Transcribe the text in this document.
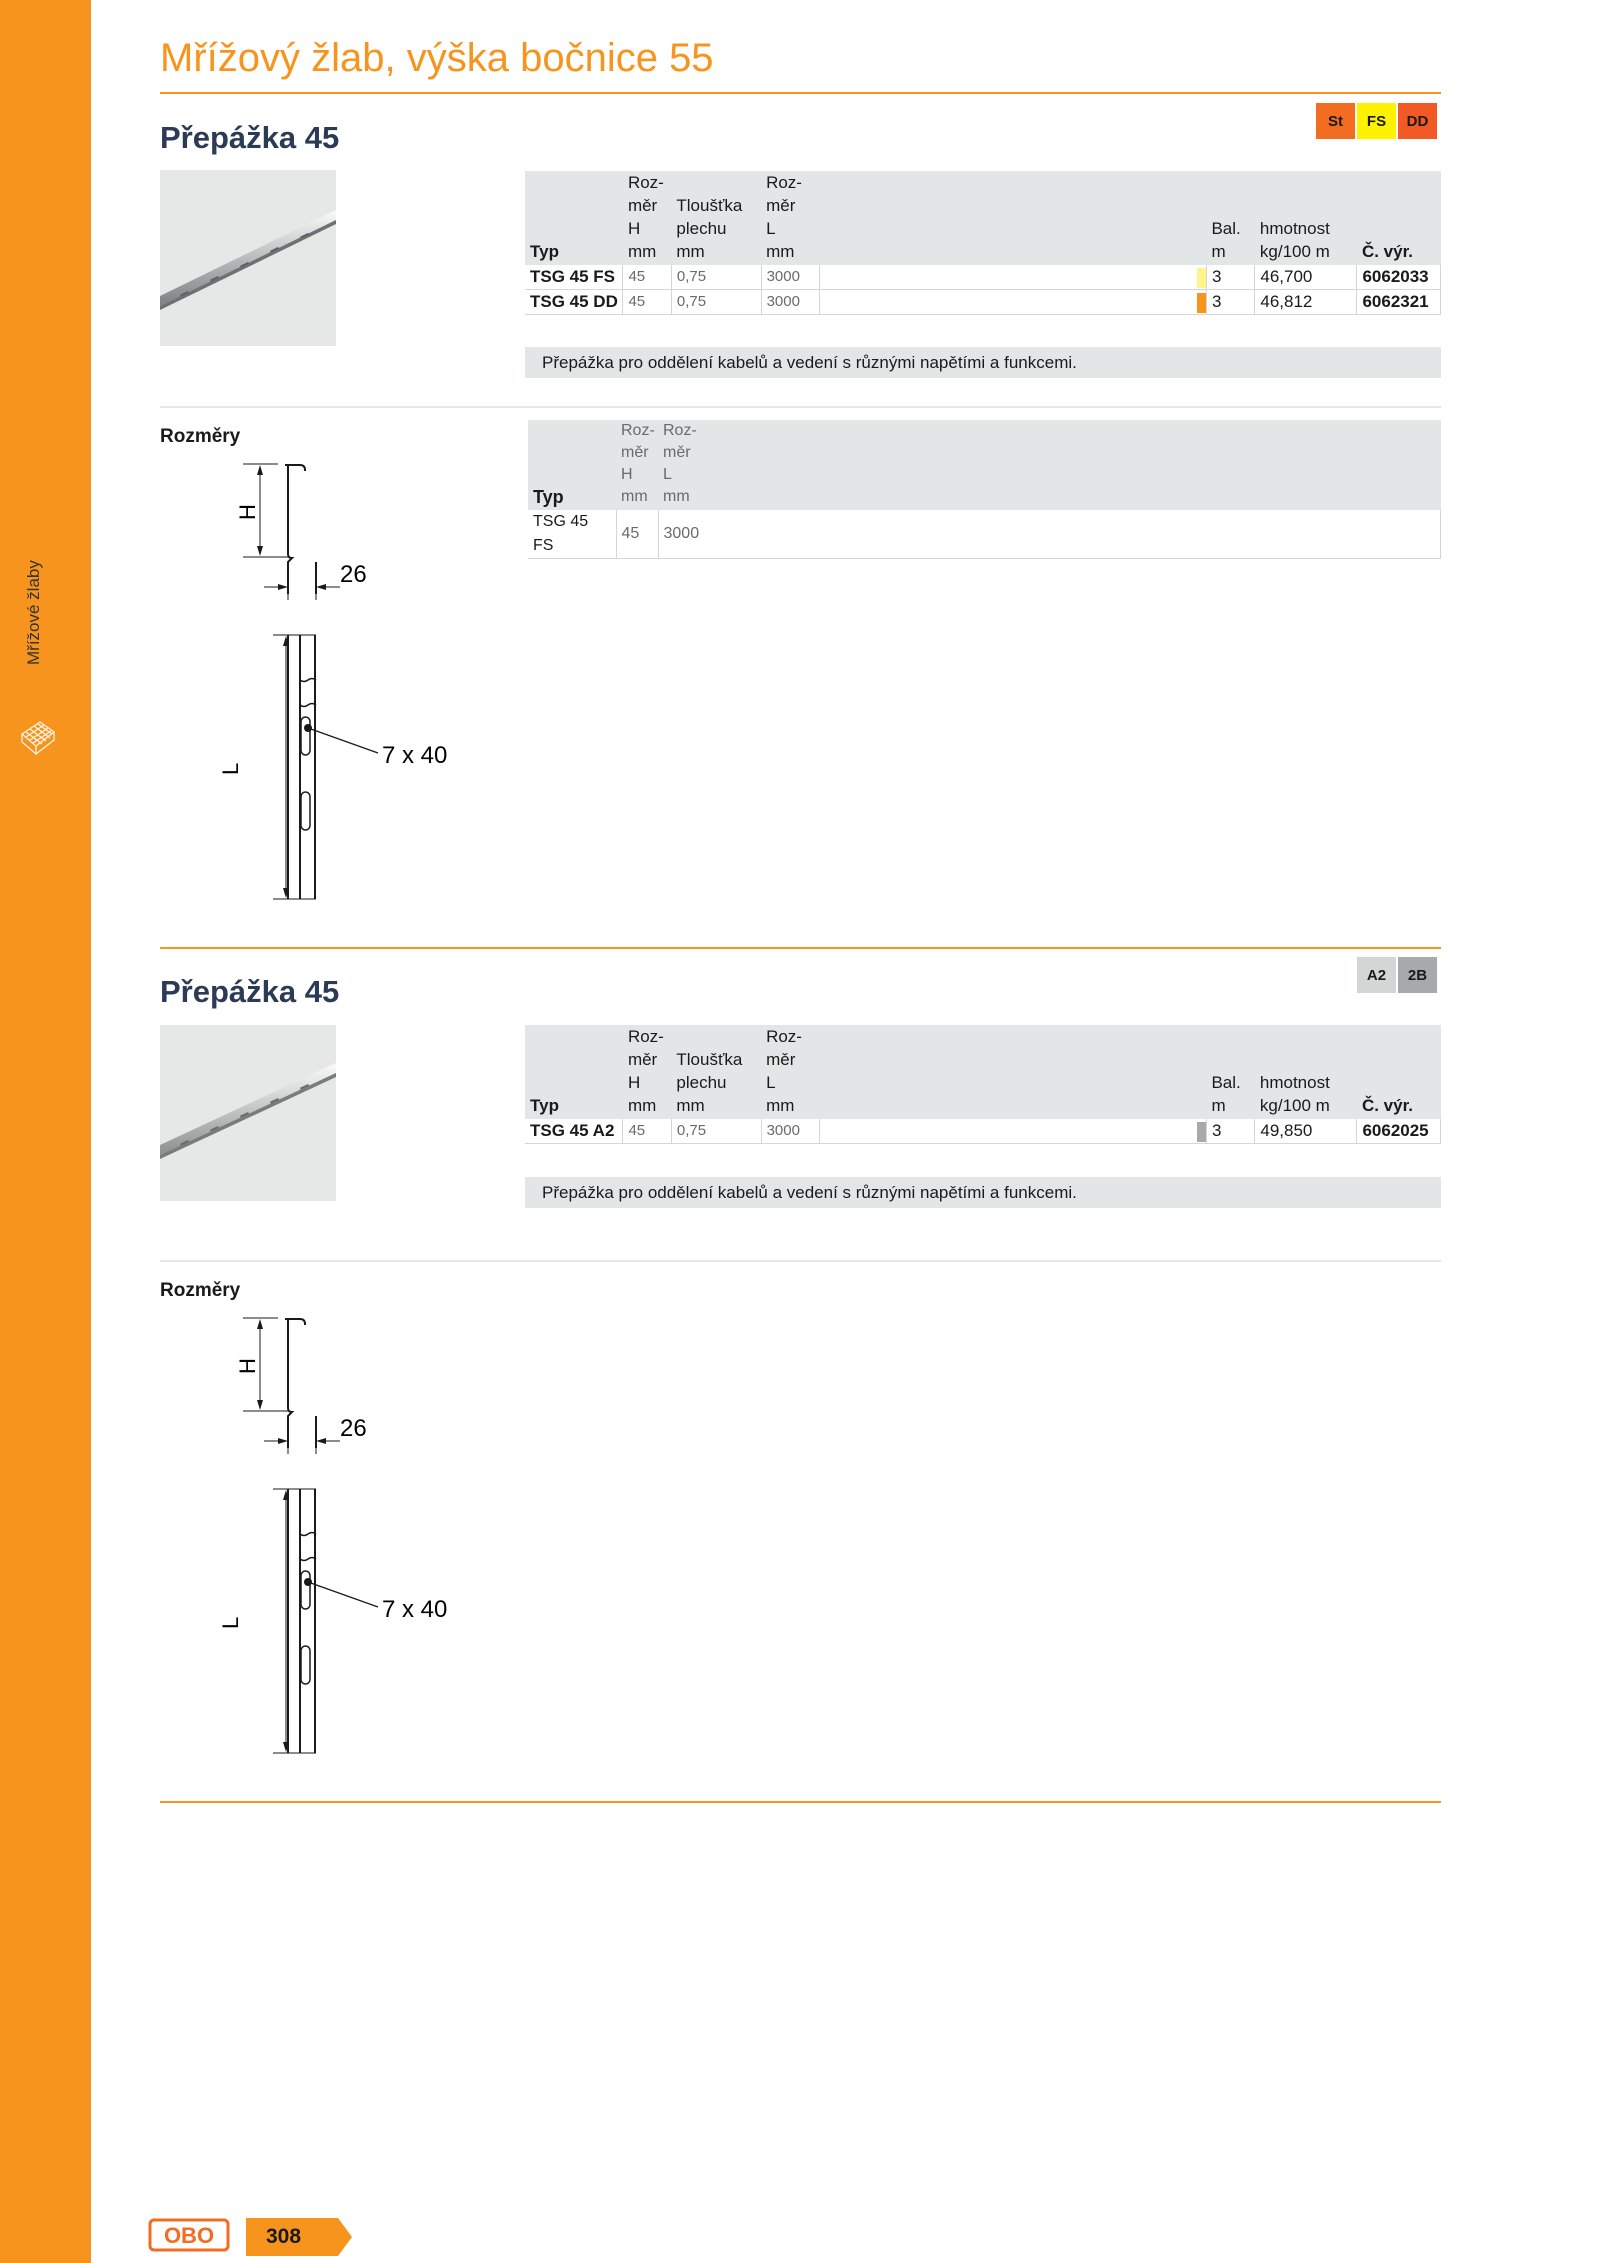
Mřížové žlaby
Mřížový žlab, výška bočnice 55
Přepážka 45	St FS DD
Typ	Roz-
měr
H
mm	Tloušťka
plechu
mm	Roz-
měr
L
mm		Bal.
m	hmotnost
kg/100 m	Č. výr.
TSG 45 FS	45	0,75	3000		3	46,700	6062033
TSG 45 DD	45	0,75	3000		3	46,812	6062321
Přepážka pro oddělení kabelů a vedení s různými napětími a funkcemi.
Rozměry
Typ	Roz-
měr
H
mm	Roz-
měr
L
mm
TSG 45 FS	45	3000
H
26
L	7 x 40
Přepážka 45	A2 2B
Typ	Roz-
měr
H
mm	Tloušťka
plechu
mm	Roz-
měr
L
mm		Bal.
m	hmotnost
kg/100 m	Č. výr.
TSG 45 A2	45	0,75	3000		3	49,850	6062025
Přepážka pro oddělení kabelů a vedení s různými napětími a funkcemi.
Rozměry
H
26
L	7 x 40
OBO 308
